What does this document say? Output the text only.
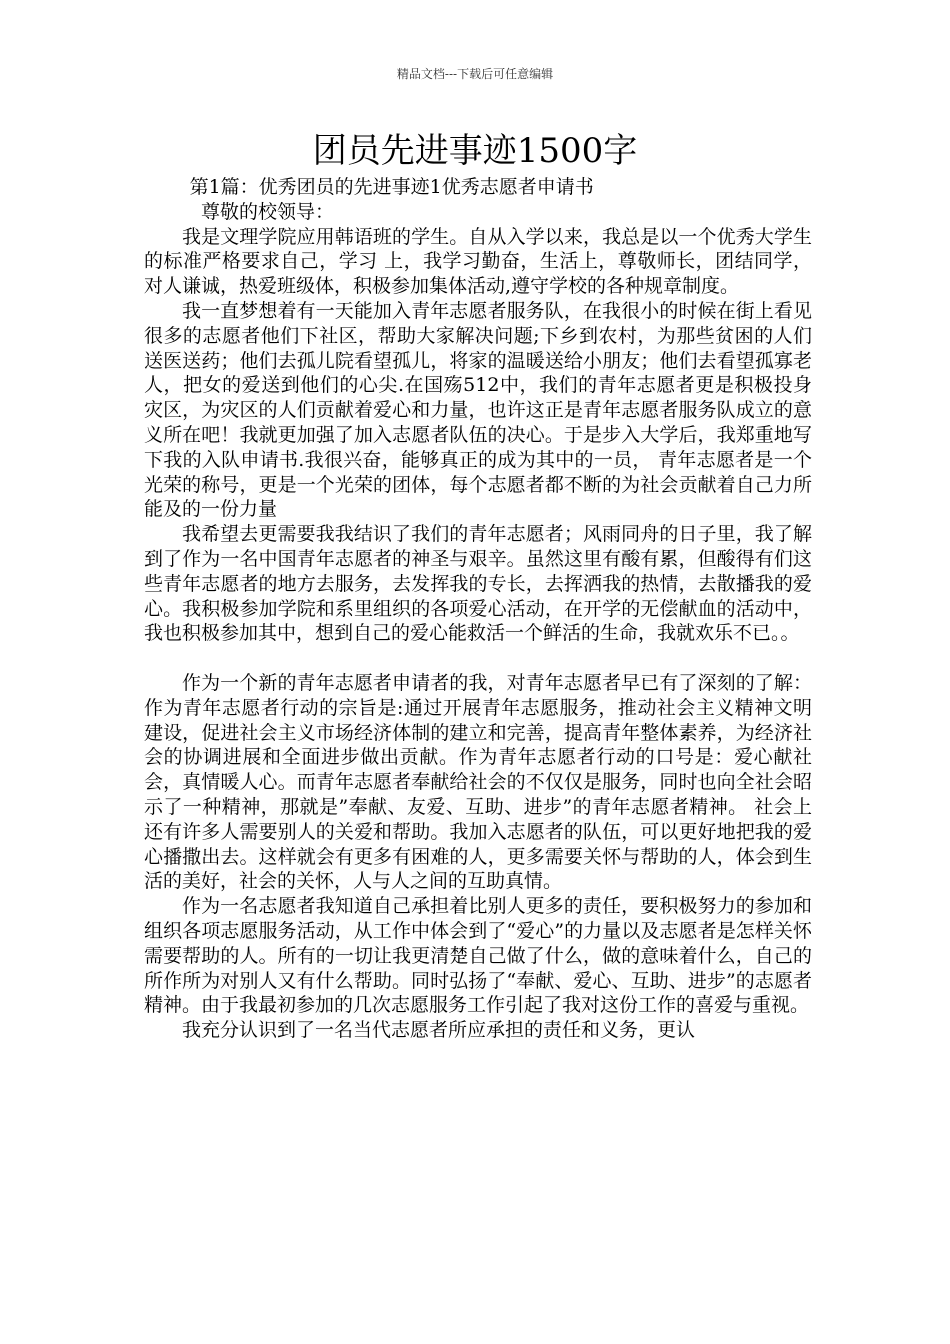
精品文档---下载后可任意编辑
团员先进事迹1500字

第1篇：优秀团员的先进事迹1优秀志愿者申请书

尊敬的校领导：

我是文理学院应用韩语班的学生。自从入学以来，我总是以一个优秀大学生的标准严格要求自己，学习 上，我学习勤奋，生活上，尊敬师长，团结同学，对人谦诚，热爱班级体，积极参加集体活动,遵守学校的各种规章制度。

我一直梦想着有一天能加入青年志愿者服务队，在我很小的时候在街上看见很多的志愿者他们下社区，帮助大家解决问题;下乡到农村，为那些贫困的人们送医送药；他们去孤儿院看望孤儿，将家的温暖送给小朋友；他们去看望孤寡老人，把女的爱送到他们的心尖.在国殇512中，我们的青年志愿者更是积极投身灾区，为灾区的人们贡献着爱心和力量，也许这正是青年志愿者服务队成立的意义所在吧！我就更加强了加入志愿者队伍的决心。于是步入大学后，我郑重地写下我的入队申请书.我很兴奋，能够真正的成为其中的一员， 青年志愿者是一个光荣的称号，更是一个光荣的团体，每个志愿者都不断的为社会贡献着自己力所能及的一份力量

我希望去更需要我我结识了我们的青年志愿者；风雨同舟的日子里，我了解到了作为一名中国青年志愿者的神圣与艰辛。虽然这里有酸有累，但酸得有们这些青年志愿者的地方去服务，去发挥我的专长，去挥洒我的热情，去散播我的爱心。我积极参加学院和系里组织的各项爱心活动，在开学的无偿献血的活动中，我也积极参加其中，想到自己的爱心能救活一个鲜活的生命，我就欢乐不已。。

作为一个新的青年志愿者申请者的我，对青年志愿者早已有了深刻的了解：作为青年志愿者行动的宗旨是:通过开展青年志愿服务，推动社会主义精神文明建设，促进社会主义市场经济体制的建立和完善，提高青年整体素养，为经济社会的协调进展和全面进步做出贡献。作为青年志愿者行动的口号是：爱心献社会，真情暖人心。而青年志愿者奉献给社会的不仅仅是服务，同时也向全社会昭示了一种精神，那就是”奉献、友爱、互助、进步”的青年志愿者精神。 社会上还有许多人需要别人的关爱和帮助。我加入志愿者的队伍，可以更好地把我的爱心播撒出去。这样就会有更多有困难的人，更多需要关怀与帮助的人，体会到生活的美好，社会的关怀，人与人之间的互助真情。

作为一名志愿者我知道自己承担着比别人更多的责任，要积极努力的参加和组织各项志愿服务活动，从工作中体会到了“爱心”的力量以及志愿者是怎样关怀需要帮助的人。所有的一切让我更清楚自己做了什么，做的意味着什么，自己的所作所为对别人又有什么帮助。同时弘扬了“奉献、爱心、互助、进步”的志愿者精神。由于我最初参加的几次志愿服务工作引起了我对这份工作的喜爱与重视。

我充分认识到了一名当代志愿者所应承担的责任和义务，更认
